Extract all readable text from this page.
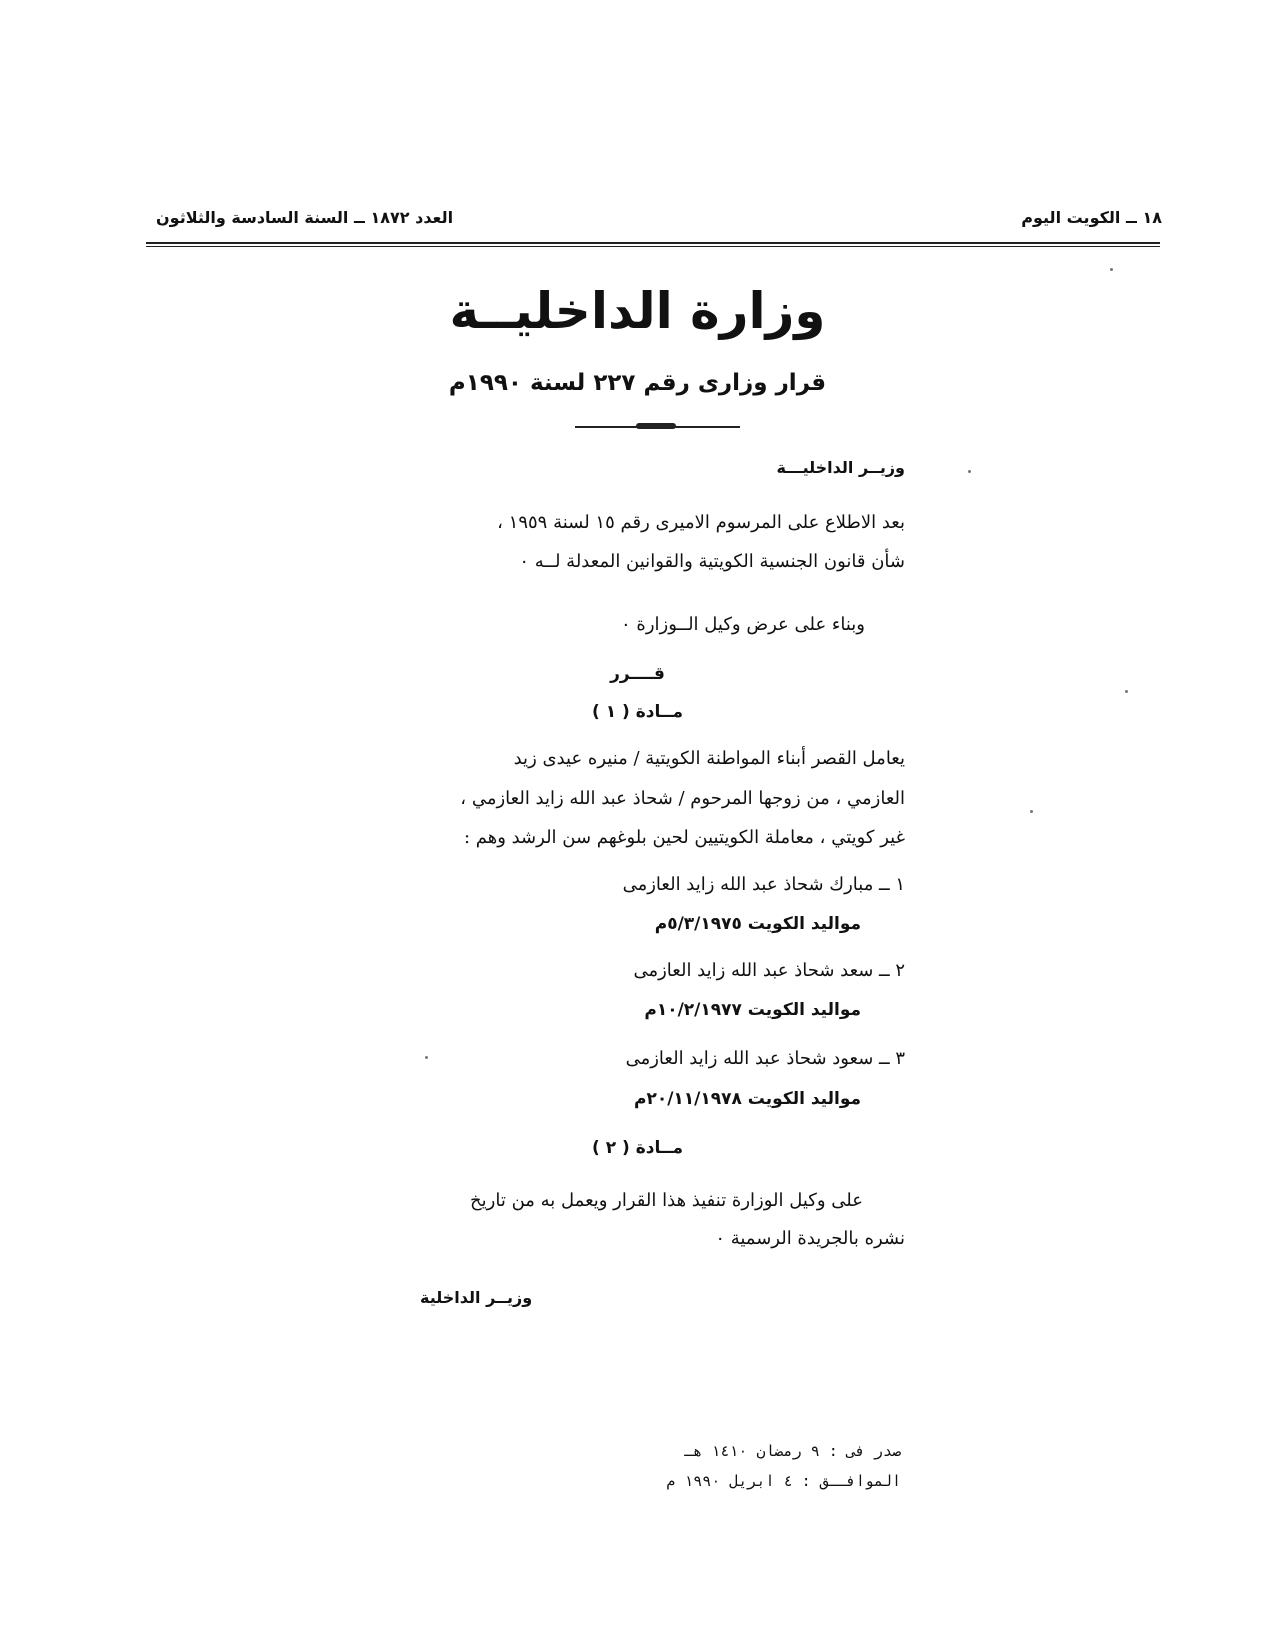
١٨ ــ الكويت اليوم
العدد ١٨٧٢ ــ السنة السادسة والثلاثون
وزارة الداخليــة
قرار وزارى رقم ٢٢٧ لسنة ١٩٩٠م
وزيــر الداخليـــة
بعد الاطلاع على المرسوم الاميرى رقم ١٥ لسنة ١٩٥٩ ،
شأن قانون الجنسية الكويتية والقوانين المعدلة لــه ٠
وبناء على عرض وكيل الــوزارة ٠
قــــرر
مــادة ( ١ )
يعامل القصر أبناء المواطنة الكويتية / منيره عيدى زيد
العازمي ، من زوجها المرحوم / شحاذ عبد الله زايد العازمي ،
غير كويتي ، معاملة الكويتيين لحين بلوغهم سن الرشد وهم :
١ ــ مبارك شحاذ عبد الله زايد العازمى
مواليد الكويت ٥/٣/١٩٧٥م
٢ ــ سعد شحاذ عبد الله زايد العازمى
مواليد الكويت ١٠/٢/١٩٧٧م
٣ ــ سعود شحاذ عبد الله زايد العازمى
مواليد الكويت ٢٠/١١/١٩٧٨م
مــادة ( ٢ )
على وكيل الوزارة تنفيذ هذا القرار ويعمل به من تاريخ
نشره بالجريدة الرسمية ٠
وزيــر الداخلية
صدر فى : ٩ رمضان ١٤١٠ هـ
الموافــق : ٤ ابريل ١٩٩٠ م
